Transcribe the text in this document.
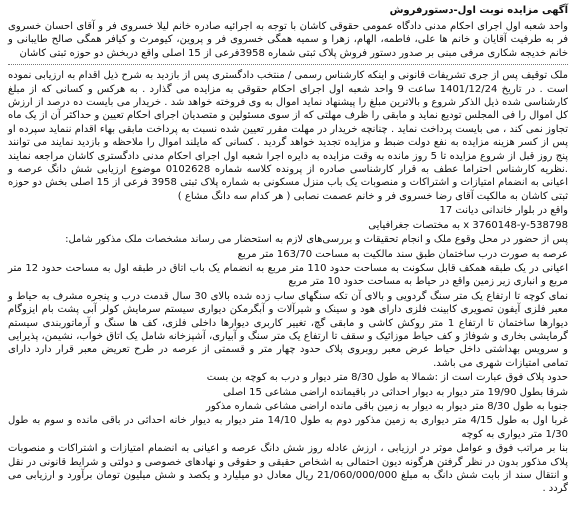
آگهی مزایده نوبت اول-دستورفروش

واحد شعبه اول اجرای احکام مدنی دادگاه عمومی حقوقی کاشان با توجه به اجرائیه صادره خانم لیلا خسروی فر و آقای احسان خسروی فر به طرفیت آقایان و خانم ها علی، فاطمه، الهام، زهرا و سمیه همگی خسروی فر و پروین، کیومرث و کیافر همگی صالح طایبانی و خانم خدیجه شکاری مرفی مبنی بر صدور دستور فروش پلاک ثبتی شماره 3958فرعی از 15 اصلی واقع دربخش دو حوزه ثبتی کاشان

ملک توقیف پس از جری تشریفات قانونی و اینکه کارشناس رسمی / منتخب دادگستری پس از بازدید به شرح ذیل اقدام به ارزیابی نموده است . در تاریخ 1401/12/24 ساعت 9 واحد شعبه اول اجرای احکام حقوقی به مزایده می گذارد . به هرکس و کسانی که از مبلغ کارشناسی شده ذیل الذکر شروع و بالاترین مبلغ را پیشنهاد نماید اموال به وی فروخته خواهد شد . خریدار می بایست ده درصد از ارزش کل اموال را فی المجلس تودیع نماید و مابقی را ظرف مهلتی که از سوی مسئولین و متصدیان اجرای احکام تعیین و حداکثر آن از یک ماه تجاوز نمی کند ، می بایست پرداخت نماید . چنانچه خریدار در مهلت مقرر تعیین شده نسبت به پرداخت مابقی بهاء اقدام ننماید سپرده او پس از کسر هزینه مزایده به نفع دولت ضبط و مزایده تجدید خواهد گردید . کسانی که مایلند اموال را ملاحظه و بازدید نمایند می توانند پنج روز قبل از شروع مزایده تا 5 روز مانده به وقت مزایده به دایره اجرا شعبه اول اجرای احکام مدنی دادگستری کاشان مراجعه نمایند .نظریه کارشناس احتراما عطف به قرار کارشناسی صادره از پرونده کلاسه شماره 0102628 موضوع ارزیابی شش دانگ عرصه و اعیانی به انضمام امتیازات و اشتراکات و منصوبات یک باب منزل مسکونی به شماره پلاک ثبتی 3958 فرعی از 15 اصلی بخش دو حوزه ثبتی کاشان به مالکیت آقای رضا خسروی فر و خانم عصمت نصابی ( هر کدام سه دانگ مشاع )

واقع در بلوار خاندانی دیانت 17

538798-x 3760148-y به مختصات جغرافیایی

پس از حضور در محل وقوع ملک و انجام تحقیقات و بررسی‌های لازم به استحضار می رساند مشخصات ملک مذکور شامل:

عرصه به صورت درب ساختمان طبق سند مالکیت به مساحت 163/70 متر مربع

اعیانی در یک طبقه همکف قابل سکونت به مساحت حدود 110 متر مربع به انضمام یک باب اتاق در طبقه اول به مساحت حدود 12 متر مربع و انباری زیر زمین واقع در حیاط به مساحت حدود 10 متر مربع

نمای کوچه تا ارتفاع یک متر سنگ گردویی و بالای آن تکه سنگهای ساب زده شده بالای 30 سال قدمت درب و پنجره مشرف به حیاط و معبر فلزی آیفون تصویری کابینت فلزی دارای هود و سینک و شیرآلات و آبگرمکن دیواری سیستم سرمایش کولر آبی پشت بام ایزوگام دیوارها ساختمان تا ارتفاع 1 متر روکش کاشی و مابقی گچ، تغییر کاربری دیوارها داخلی فلزی، کف ها سنگ و آرماتوربندی سیستم گرمایشی بخاری و شوفاژ و کف حیاط موزائیک و سقف تا ارتفاع یک متر سنگ و آبیاری، آشپزخانه شامل یک اتاق خواب، نشیمن، پذیرایی و سرویس بهداشتی داخل حیاط عرض معبر روبروی پلاک حدود چهار متر و قسمتی از عرصه در طرح تعریض معبر قرار دارد دارای تمامی امتیازات شهری می باشد.

حدود پلاک فوق عبارت است از :شمالا به طول 8/30 متر دیوار و درب به کوچه بن بست

شرقا بطول 19/90 متر دیوار به دیوار احداثی در باقیمانده اراضی مشاعی 15 اصلی

جنوبا به طول 8/30 متر دیوار به دیوار به زمین باقی مانده اراضی مشاعی شماره مذکور

غربا اول به طول 4/15 متر دیواری به زمین مذکور دوم به طول 14/10 متر دیوار به دیوار خانه احداثی در باقی مانده و سوم به طول 1/30 متر دیواری به کوچه

بنا بر مراتب فوق و عوامل موثر در ارزیابی ، ارزش عادله روز شش دانگ عرصه و اعیانی به انضمام امتیازات و اشتراکات و منصوبات پلاک مذکور بدون در نظر گرفتن هرگونه دیون احتمالی به اشخاص حقیقی و حقوقی و نهادهای خصوصی و دولتی و شرایط قانونی در نقل و انتقال سند از بابت شش دانگ به مبلغ 21/060/000/000 ریال معادل دو میلیارد و یکصد و شش میلیون تومان برآورد و ارزیابی می گردد .
